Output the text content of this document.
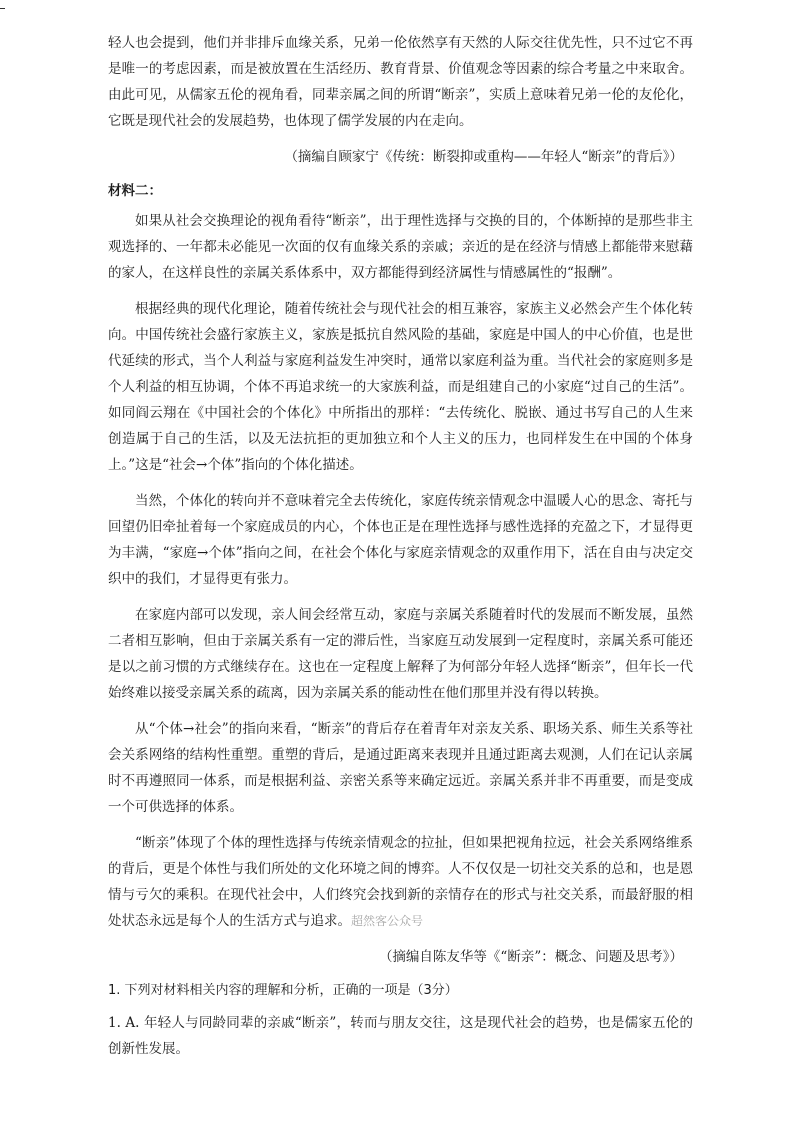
轻人也会提到，他们并非排斥血缘关系，兄弟一伦依然享有天然的人际交往优先性，只不过它不再是唯一的考虑因素，而是被放置在生活经历、教育背景、价值观念等因素的综合考量之中来取舍。由此可见，从儒家五伦的视角看，同辈亲属之间的所谓“断亲”，实质上意味着兄弟一伦的友伦化，它既是现代社会的发展趋势，也体现了儒学发展的内在走向。

（摘编自顾家宁《传统：断裂抑或重构——年轻人“断亲”的背后》）

材料二：

如果从社会交换理论的视角看待“断亲”，出于理性选择与交换的目的，个体断掉的是那些非主观选择的、一年都未必能见一次面的仅有血缘关系的亲戚；亲近的是在经济与情感上都能带来慰藉的家人，在这样良性的亲属关系体系中，双方都能得到经济属性与情感属性的“报酬”。

根据经典的现代化理论，随着传统社会与现代社会的相互兼容，家族主义必然会产生个体化转向。中国传统社会盛行家族主义，家族是抵抗自然风险的基础，家庭是中国人的中心价值，也是世代延续的形式，当个人利益与家庭利益发生冲突时，通常以家庭利益为重。当代社会的家庭则多是个人利益的相互协调，个体不再追求统一的大家族利益，而是组建自己的小家庭“过自己的生活”。如同阎云翔在《中国社会的个体化》中所指出的那样：“去传统化、脱嵌、通过书写自己的人生来创造属于自己的生活，以及无法抗拒的更加独立和个人主义的压力，也同样发生在中国的个体身上。”这是“社会→个体”指向的个体化描述。

当然，个体化的转向并不意味着完全去传统化，家庭传统亲情观念中温暖人心的思念、寄托与回望仍旧牵扯着每一个家庭成员的内心，个体也正是在理性选择与感性选择的充盈之下，才显得更为丰满，“家庭→个体”指向之间，在社会个体化与家庭亲情观念的双重作用下，活在自由与决定交织中的我们，才显得更有张力。

在家庭内部可以发现，亲人间会经常互动，家庭与亲属关系随着时代的发展而不断发展，虽然二者相互影响，但由于亲属关系有一定的滞后性，当家庭互动发展到一定程度时，亲属关系可能还是以之前习惯的方式继续存在。这也在一定程度上解释了为何部分年轻人选择“断亲”，但年长一代始终难以接受亲属关系的疏离，因为亲属关系的能动性在他们那里并没有得以转换。

从“个体→社会”的指向来看，“断亲”的背后存在着青年对亲友关系、职场关系、师生关系等社会关系网络的结构性重塑。重塑的背后，是通过距离来表现并且通过距离去观测，人们在记认亲属时不再遵照同一体系，而是根据利益、亲密关系等来确定远近。亲属关系并非不再重要，而是变成一个可供选择的体系。

“断亲”体现了个体的理性选择与传统亲情观念的拉扯，但如果把视角拉远，社会关系网络维系的背后，更是个体性与我们所处的文化环境之间的博弈。人不仅仅是一切社交关系的总和，也是恩情与亏欠的乘积。在现代社会中，人们终究会找到新的亲情存在的形式与社交关系，而最舒服的相处状态永远是每个人的生活方式与追求。超然客公众号

（摘编自陈友华等《“断亲”：概念、问题及思考》）

1. 下列对材料相关内容的理解和分析，正确的一项是（3分）

1. A. 年轻人与同龄同辈的亲戚“断亲”，转而与朋友交往，这是现代社会的趋势，也是儒家五伦的创新性发展。
